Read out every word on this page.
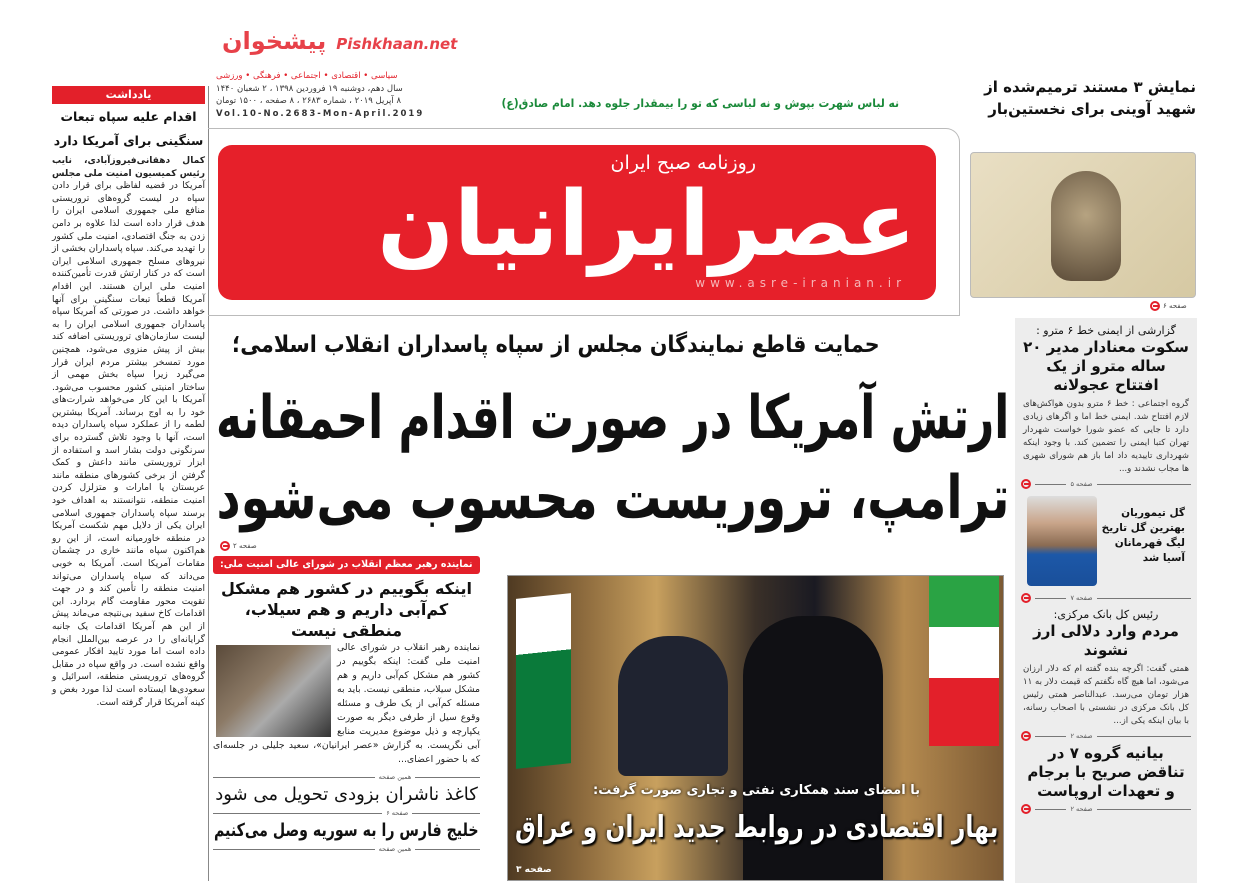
پیشخوان Pishkhaan.net
یادداشت
اقدام علیه سپاه تبعات
سنگینی برای آمریکا دارد
کمال دهقانی‌فیروزآبادی، نایب رئیس کمیسیون امنیت ملی مجلس آمریکا در قضیه لفاظی برای قرار دادن سپاه در لیست گروه‌های تروریستی منافع ملی جمهوری اسلامی ایران را هدف قرار داده است لذا علاوه بر دامن زدن به جنگ اقتصادی، امنیت ملی کشور را تهدید می‌کند. سپاه پاسداران بخشی از نیروهای مسلح جمهوری اسلامی ایران است که در کنار ارتش قدرت تأمین‌کننده امنیت ملی ایران هستند. این اقدام آمریکا قطعاً تبعات سنگینی برای آنها خواهد داشت. در صورتی که آمریکا سپاه پاسداران جمهوری اسلامی ایران را به لیست سازمان‌های تروریستی اضافه کند بیش از پیش منزوی می‌شود، همچنین مورد تمسخر بیشتر مردم ایران قرار می‌گیرد زیرا سپاه بخش مهمی از ساختار امنیتی کشور محسوب می‌شود. آمریکا با این کار می‌خواهد شرارت‌های خود را به اوج برساند. آمریکا بیشترین لطمه را از عملکرد سپاه پاسداران دیده است، آنها با وجود تلاش گسترده برای سرنگونی دولت بشار اسد و استفاده از ابزار تروریستی مانند داعش و کمک گرفتن از برخی کشورهای منطقه مانند عربستان یا امارات و متزلزل کردن امنیت منطقه، نتوانستند به اهداف خود برسند سپاه پاسداران جمهوری اسلامی ایران یکی از دلایل مهم شکست آمریکا در منطقه خاورمیانه است، از این رو هم‌اکنون سپاه مانند خاری در چشمان مقامات آمریکا است. آمریکا به خوبی می‌داند که سپاه پاسداران می‌تواند امنیت منطقه را تأمین کند و در جهت تقویت محور مقاومت گام بردارد. این اقدامات کاخ سفید بی‌نتیجه می‌ماند پیش از این هم آمریکا اقدامات یک جانبه گرایانه‌ای را در عرصه بین‌الملل انجام داده است اما مورد تایید افکار عمومی واقع نشده است. در واقع سپاه در مقابل گروه‌های تروریستی منطقه، اسرائیل و سعودی‌ها ایستاده است لذا مورد بغض و کینه آمریکا قرار گرفته است.
سیاسی • اقتصادی • اجتماعی • فرهنگی • ورزشی
سال دهم، دوشنبه ۱۹ فروردین ۱۳۹۸ ، ۲ شعبان ۱۴۴۰
۸ آپریل ۲۰۱۹ ، شماره ۲۶۸۳ ، ۸ صفحه ، ۱۵۰۰ تومان
Vol.10-No.2683-Mon-April.2019
نه لباس شهرت بپوش و نه لباسی که تو را بیمقدار جلوه دهد. امام صادق(ع)
روزنامه صبح ایران
عصرایرانیان
www.asre-iranian.ir
نمایش ۳ مستند ترمیم‌شده از شهید آوینی برای نخستین‌بار
صفحه ۶
حمایت قاطع نمایندگان مجلس از سپاه پاسداران انقلاب اسلامی؛
ارتش آمریکا در صورت اقدام احمقانه
ترامپ، تروریست محسوب می‌شود
صفحه ۲
گزارشی از ایمنی خط ۶ مترو :
سکوت معنادار مدیر ۲۰ ساله مترو از یک افتتاح عجولانه
گروه اجتماعی : خط ۶ مترو بدون هواکش‌های لازم افتتاح شد. ایمنی خط اما و اگرهای زیادی دارد تا جایی که عضو شورا خواست شهردار تهران کتبا ایمنی را تضمین کند. با وجود اینکه شهرداری تاییدیه داد اما باز هم شورای شهری ها مجاب نشدند و...
صفحه ۵
گل تیموریان بهترین گل تاریخ لیگ قهرمانان آسیا شد
صفحه ۷
رئیس کل بانک مرکزی:
مردم وارد دلالی ارز نشوند
همتی گفت: اگرچه بنده گفته ام که دلار ارزان می‌شود، اما هیچ گاه نگفتم که قیمت دلار به ۱۱ هزار تومان می‌رسد. عبدالناصر همتی رئیس کل بانک مرکزی در نشستی با اصحاب رسانه، با بیان اینکه یکی از...
صفحه ۲
بیانیه گروه ۷ در تناقض صریح با برجام و تعهدات اروپاست
صفحه ۲
نماینده رهبر معظم انقلاب در شورای عالی امنیت ملی:
اینکه بگوییم در کشور هم مشکل کم‌آبی داریم و هم سیلاب، منطقی نیست
نماینده رهبر انقلاب در شورای عالی امنیت ملی گفت: اینکه بگوییم در کشور هم مشکل کم‌آبی داریم و هم مشکل سیلاب، منطقی نیست. باید به مسئله کم‌آبی از یک طرف و مسئله وقوع سیل از طرفی دیگر به صورت یکپارچه و ذیل موضوع مدیریت منابع آبی نگریست. به گزارش «عصر ایرانیان»، سعید جلیلی در جلسه‌ای که با حضور اعضای...
همین صفحه
کاغذ ناشران بزودی تحویل می شود
صفحه ۶
خلیج فارس را به سوریه وصل می‌کنیم
همین صفحه
با امضای سند همکاری نفتی و تجاری صورت گرفت:
بهار اقتصادی در روابط جدید ایران و عراق
صفحه ۳
